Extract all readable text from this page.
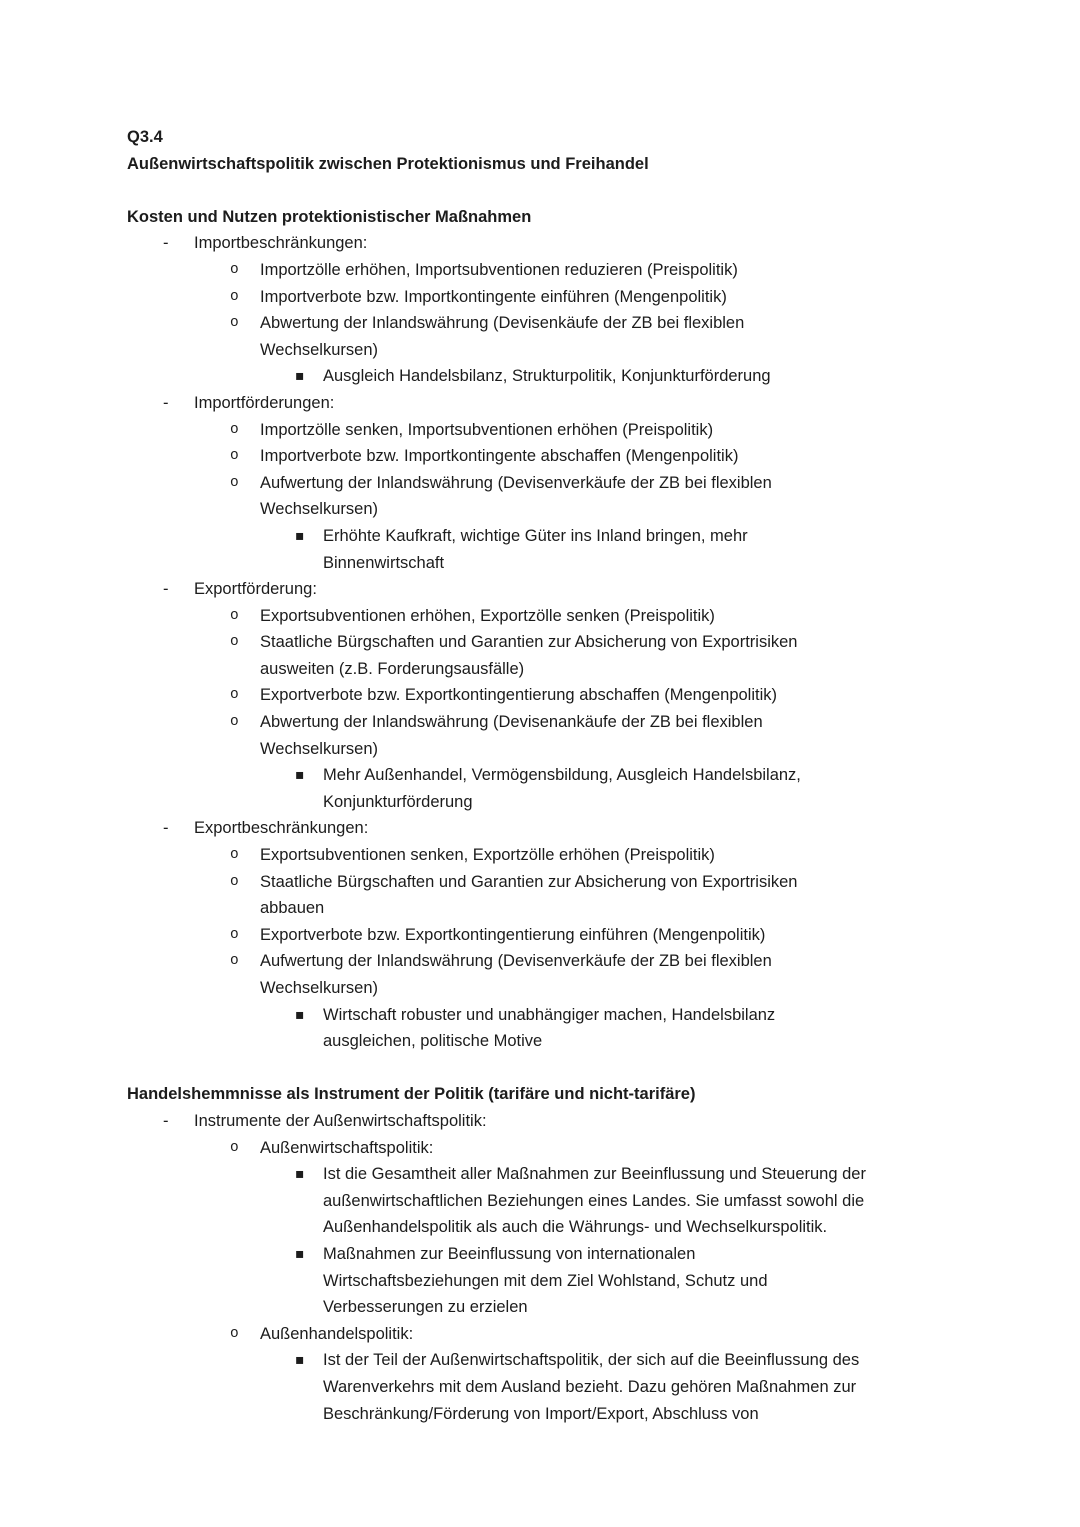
Q3.4
Außenwirtschaftspolitik zwischen Protektionismus und Freihandel
Kosten und Nutzen protektionistischer Maßnahmen
-	Importbeschränkungen:
o	Importzölle erhöhen, Importsubventionen reduzieren (Preispolitik)
o	Importverbote bzw. Importkontingente einführen (Mengenpolitik)
o	Abwertung der Inlandswährung (Devisenkäufe der ZB bei flexiblen
Wechselkursen)
▪	Ausgleich Handelsbilanz, Strukturpolitik, Konjunkturförderung
-	Importförderungen:
o	Importzölle senken, Importsubventionen erhöhen (Preispolitik)
o	Importverbote bzw. Importkontingente abschaffen (Mengenpolitik)
o	Aufwertung der Inlandswährung (Devisenverkäufe der ZB bei flexiblen
Wechselkursen)
▪	Erhöhte Kaufkraft, wichtige Güter ins Inland bringen, mehr
Binnenwirtschaft
-	Exportförderung:
o	Exportsubventionen erhöhen, Exportzölle senken (Preispolitik)
o	Staatliche Bürgschaften und Garantien zur Absicherung von Exportrisiken
ausweiten (z.B. Forderungsausfälle)
o	Exportverbote bzw. Exportkontingentierung abschaffen (Mengenpolitik)
o	Abwertung der Inlandswährung (Devisenankäufe der ZB bei flexiblen
Wechselkursen)
▪	Mehr Außenhandel, Vermögensbildung, Ausgleich Handelsbilanz,
Konjunkturförderung
-	Exportbeschränkungen:
o	Exportsubventionen senken, Exportzölle erhöhen (Preispolitik)
o	Staatliche Bürgschaften und Garantien zur Absicherung von Exportrisiken
abbauen
o	Exportverbote bzw. Exportkontingentierung einführen (Mengenpolitik)
o	Aufwertung der Inlandswährung (Devisenverkäufe der ZB bei flexiblen
Wechselkursen)
▪	Wirtschaft robuster und unabhängiger machen, Handelsbilanz
ausgleichen, politische Motive
Handelshemmnisse als Instrument der Politik (tarifäre und nicht-tarifäre)
-	Instrumente der Außenwirtschaftspolitik:
o	Außenwirtschaftspolitik:
▪	Ist die Gesamtheit aller Maßnahmen zur Beeinflussung und Steuerung der
außenwirtschaftlichen Beziehungen eines Landes. Sie umfasst sowohl die
Außenhandelspolitik als auch die Währungs- und Wechselkurspolitik.
▪	Maßnahmen zur Beeinflussung von internationalen
Wirtschaftsbeziehungen mit dem Ziel Wohlstand, Schutz und
Verbesserungen zu erzielen
o	Außenhandelspolitik:
▪	Ist der Teil der Außenwirtschaftspolitik, der sich auf die Beeinflussung des
Warenverkehrs mit dem Ausland bezieht. Dazu gehören Maßnahmen zur
Beschränkung/Förderung von Import/Export, Abschluss von
